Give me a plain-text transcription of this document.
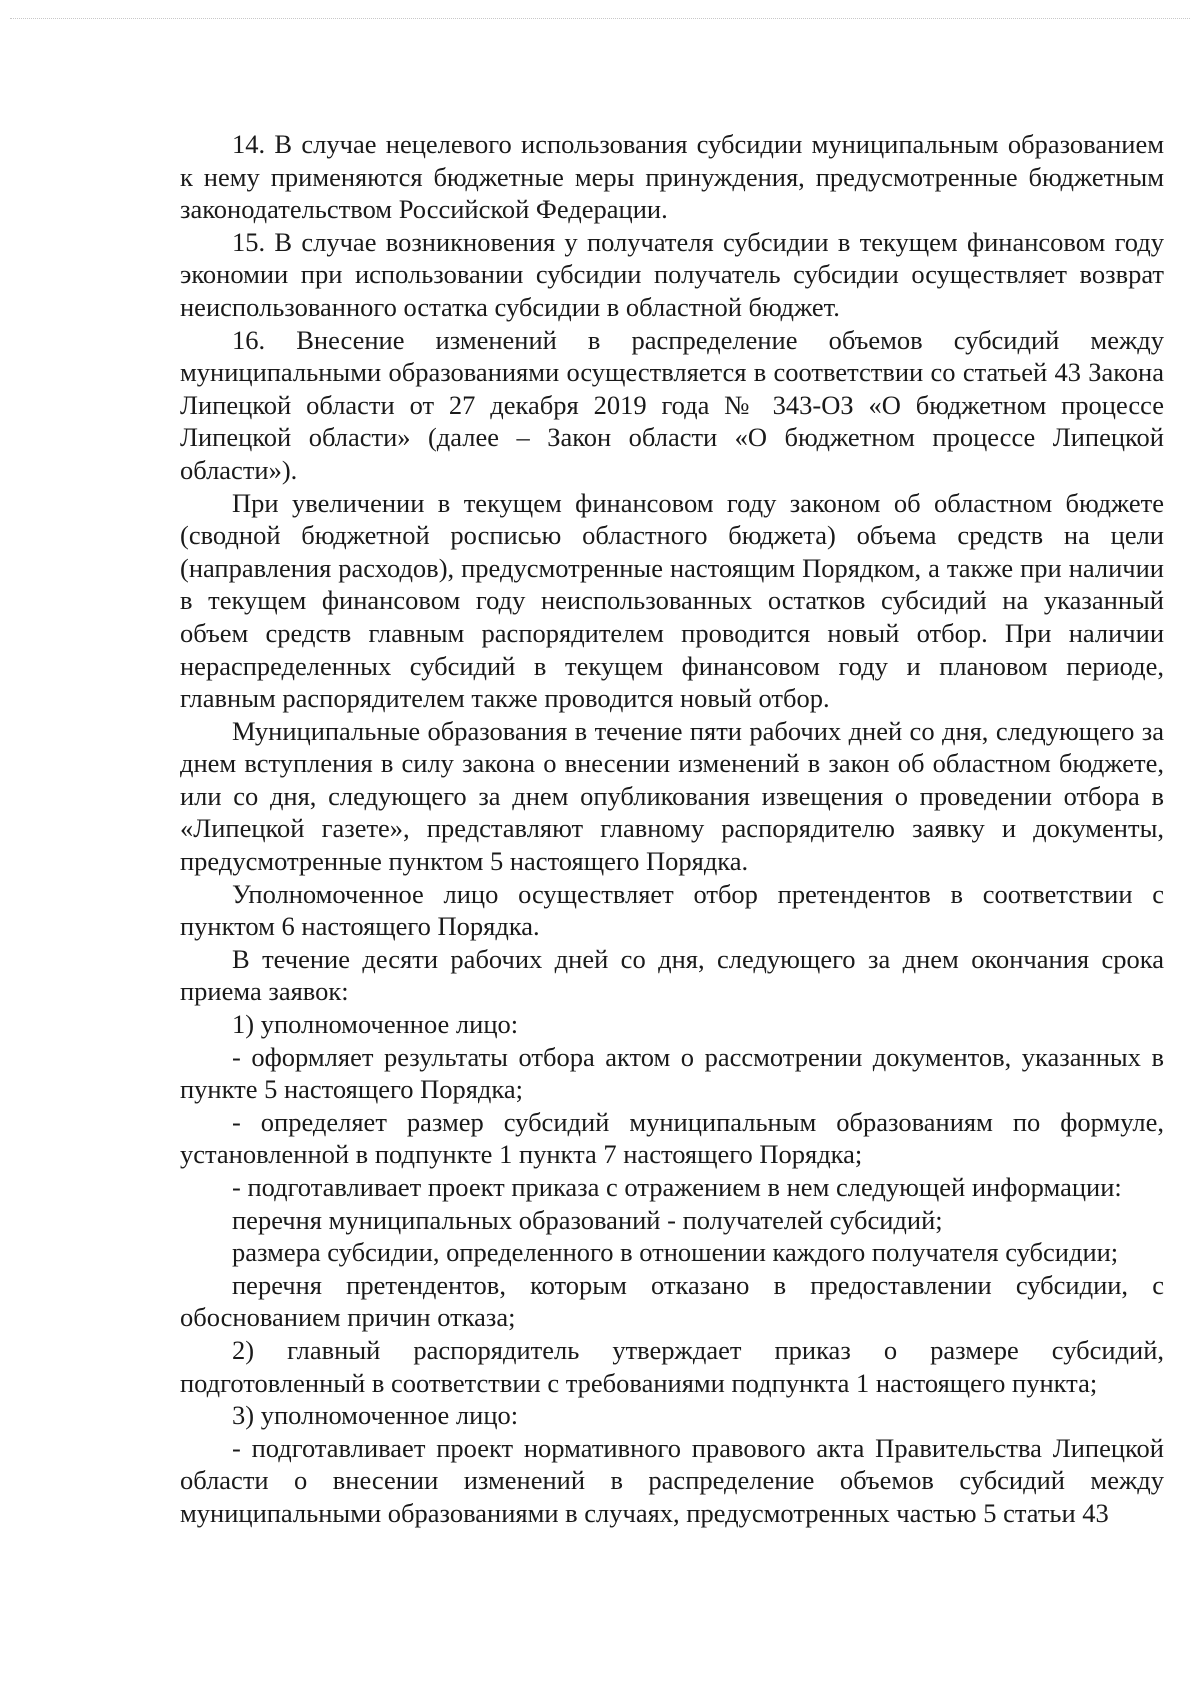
14. В случае нецелевого использования субсидии муниципальным образованием к нему применяются бюджетные меры принуждения, предусмотренные бюджетным законодательством Российской Федерации.

15. В случае возникновения у получателя субсидии в текущем финансовом году экономии при использовании субсидии получатель субсидии осуществляет возврат неиспользованного остатка субсидии в областной бюджет.

16. Внесение изменений в распределение объемов субсидий между муниципальными образованиями осуществляется в соответствии со статьей 43 Закона Липецкой области от 27 декабря 2019 года № 343-ОЗ «О бюджетном процессе Липецкой области» (далее – Закон области «О бюджетном процессе Липецкой области»).

При увеличении в текущем финансовом году законом об областном бюджете (сводной бюджетной росписью областного бюджета) объема средств на цели (направления расходов), предусмотренные настоящим Порядком, а также при наличии в текущем финансовом году неиспользованных остатков субсидий на указанный объем средств главным распорядителем проводится новый отбор. При наличии нераспределенных субсидий в текущем финансовом году и плановом периоде, главным распорядителем также проводится новый отбор.

Муниципальные образования в течение пяти рабочих дней со дня, следующего за днем вступления в силу закона о внесении изменений в закон об областном бюджете, или со дня, следующего за днем опубликования извещения о проведении отбора в «Липецкой газете», представляют главному распорядителю заявку и документы, предусмотренные пунктом 5 настоящего Порядка.

Уполномоченное лицо осуществляет отбор претендентов в соответствии с пунктом 6 настоящего Порядка.

В течение десяти рабочих дней со дня, следующего за днем окончания срока приема заявок:

1) уполномоченное лицо:

- оформляет результаты отбора актом о рассмотрении документов, указанных в пункте 5 настоящего Порядка;

- определяет размер субсидий муниципальным образованиям по формуле, установленной в подпункте 1 пункта 7 настоящего Порядка;

- подготавливает проект приказа с отражением в нем следующей информации:

перечня муниципальных образований - получателей субсидий;

размера субсидии, определенного в отношении каждого получателя субсидии;

перечня претендентов, которым отказано в предоставлении субсидии, с обоснованием причин отказа;

2) главный распорядитель утверждает приказ о размере субсидий, подготовленный в соответствии с требованиями подпункта 1 настоящего пункта;

3) уполномоченное лицо:

- подготавливает проект нормативного правового акта Правительства Липецкой области о внесении изменений в распределение объемов субсидий между муниципальными образованиями в случаях, предусмотренных частью 5 статьи 43
